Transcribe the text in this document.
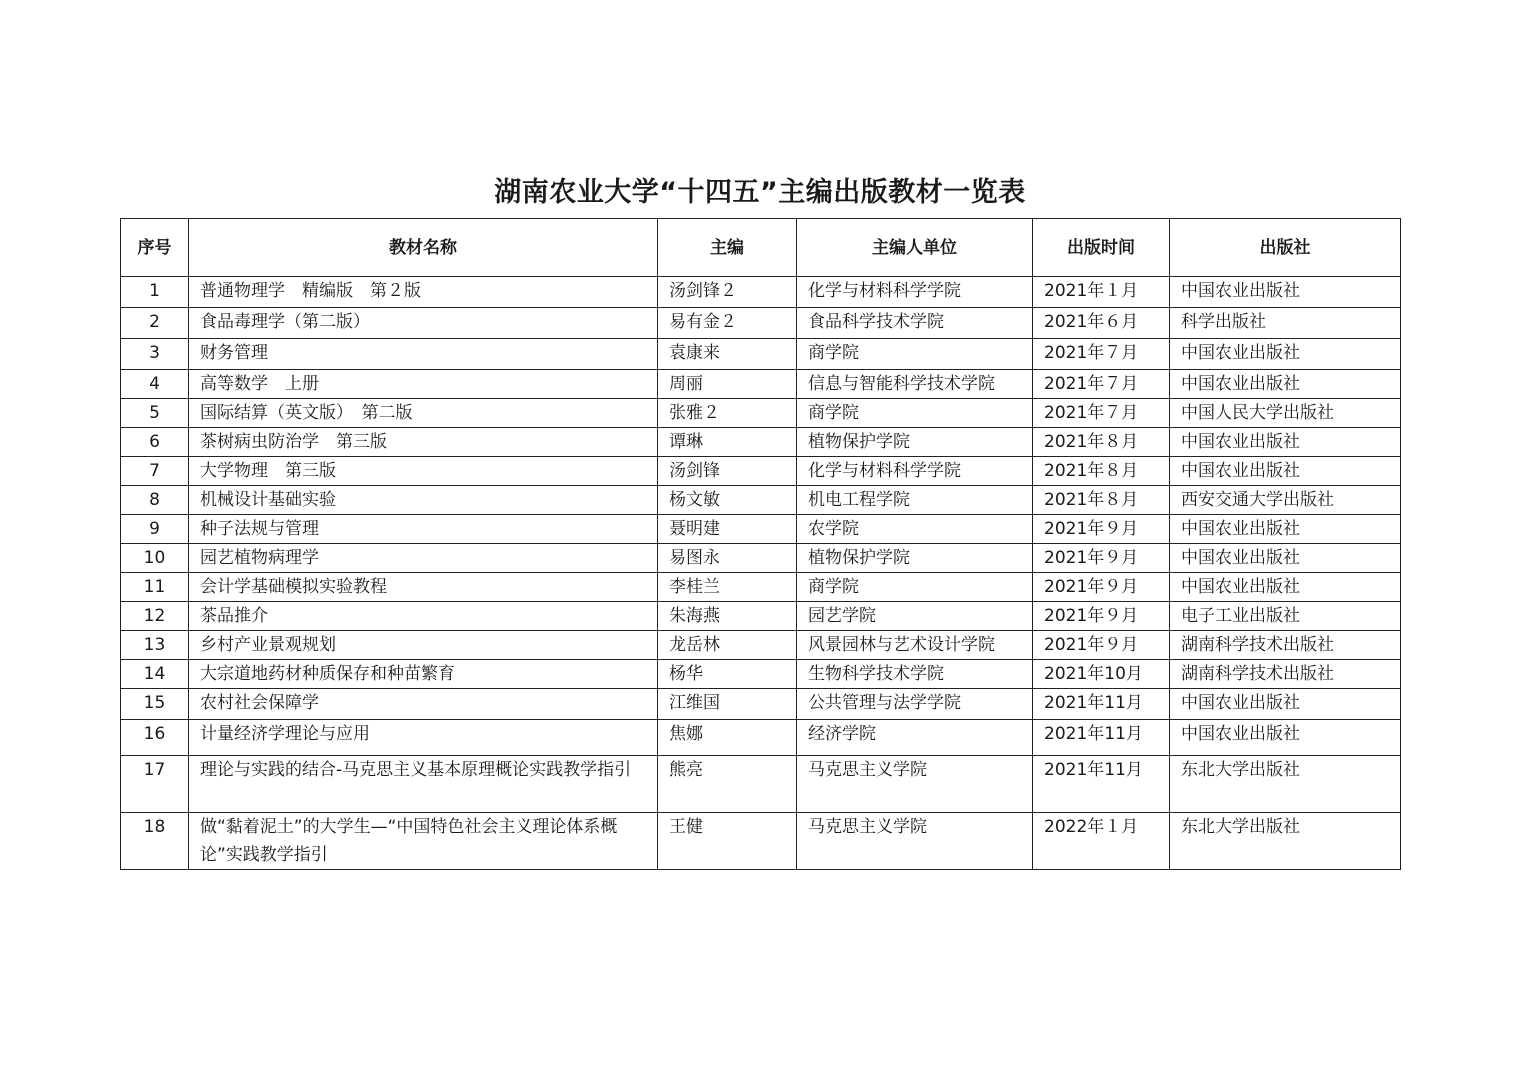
湖南农业大学“十四五”主编出版教材一览表
序号	教材名称	主编	主编人单位	出版时间	出版社
1	普通物理学　精编版　第２版	汤剑锋２	化学与材料科学学院	2021年１月	中国农业出版社
2	食品毒理学（第二版）	易有金２	食品科学技术学院	2021年６月	科学出版社
3	财务管理	袁康来	商学院	2021年７月	中国农业出版社
4	高等数学　上册	周丽	信息与智能科学技术学院	2021年７月	中国农业出版社
5	国际结算（英文版）　第二版	张雅２	商学院	2021年７月	中国人民大学出版社
6	茶树病虫防治学　第三版	谭琳	植物保护学院	2021年８月	中国农业出版社
7	大学物理　第三版	汤剑锋	化学与材料科学学院	2021年８月	中国农业出版社
8	机械设计基础实验	杨文敏	机电工程学院	2021年８月	西安交通大学出版社
9	种子法规与管理	聂明建	农学院	2021年９月	中国农业出版社
10	园艺植物病理学	易图永	植物保护学院	2021年９月	中国农业出版社
11	会计学基础模拟实验教程	李桂兰	商学院	2021年９月	中国农业出版社
12	茶品推介	朱海燕	园艺学院	2021年９月	电子工业出版社
13	乡村产业景观规划	龙岳林	风景园林与艺术设计学院	2021年９月	湖南科学技术出版社
14	大宗道地药材种质保存和种苗繁育	杨华	生物科学技术学院	2021年10月	湖南科学技术出版社
15	农村社会保障学	江维国	公共管理与法学学院	2021年11月	中国农业出版社
16	计量经济学理论与应用	焦娜	经济学院	2021年11月	中国农业出版社
17	理论与实践的结合-马克思主义基本原理概论实践教学指引	熊亮	马克思主义学院	2021年11月	东北大学出版社
18	做“黏着泥土”的大学生—“中国特色社会主义理论体系概论”实践教学指引	王健	马克思主义学院	2022年１月	东北大学出版社
